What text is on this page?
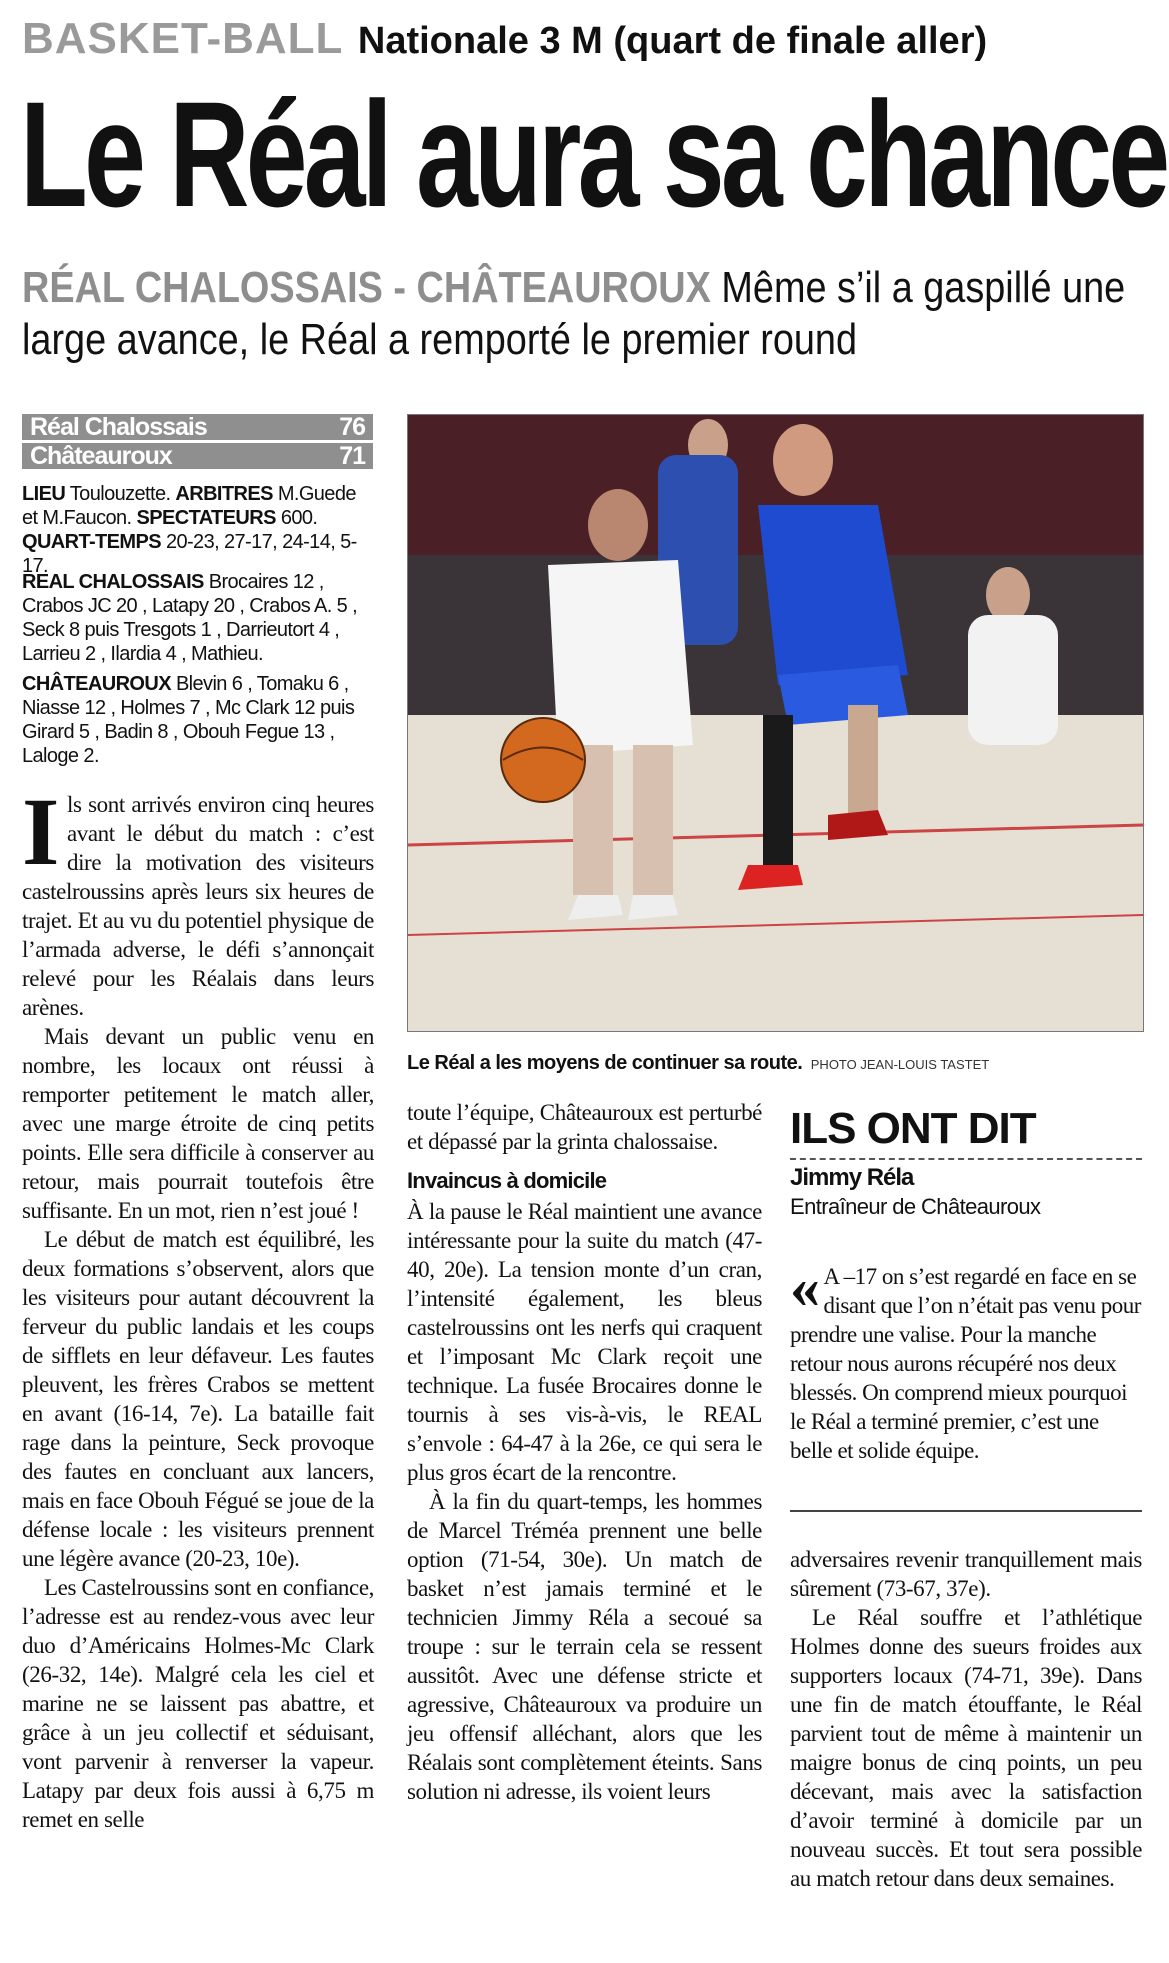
BASKET-BALL Nationale 3 M (quart de finale aller)
Le Réal aura sa chance
RÉAL CHALOSSAIS - CHÂTEAUROUX Même s’il a gaspillé une large avance, le Réal a remporté le premier round
Réal Chalossais	76
Châteauroux	71
LIEU Toulouzette. ARBITRES M.Guede et M.Faucon. SPECTATEURS 600. QUART-TEMPS 20-23, 27-17, 24-14, 5-17.
REAL CHALOSSAIS Brocaires 12 , Crabos JC 20 , Latapy 20 , Crabos A. 5 , Seck 8 puis Tresgots 1 , Darrieutort 4 , Larrieu 2 , Ilardia 4 , Mathieu.
CHÂTEAUROUX Blevin 6 , Tomaku 6 , Niasse 12 , Holmes 7 , Mc Clark 12 puis Girard 5 , Badin 8 , Obouh Fegue 13 , Laloge 2.
Le Réal a les moyens de continuer sa route. PHOTO JEAN-LOUIS TASTET

Ils sont arrivés environ cinq heures avant le début du match : c’est dire la motivation des visiteurs castelroussins après leurs six heures de trajet. Et au vu du potentiel physique de l’armada adverse, le défi s’annonçait relevé pour les Réalais dans leurs arènes.

Mais devant un public venu en nombre, les locaux ont réussi à remporter petitement le match aller, avec une marge étroite de cinq petits points. Elle sera difficile à conserver au retour, mais pourrait toutefois être suffisante. En un mot, rien n’est joué !

Le début de match est équilibré, les deux formations s’observent, alors que les visiteurs pour autant découvrent la ferveur du public landais et les coups de sifflets en leur défaveur. Les fautes pleuvent, les frères Crabos se mettent en avant (16-14, 7e). La bataille fait rage dans la peinture, Seck provoque des fautes en concluant aux lancers, mais en face Obouh Fégué se joue de la défense locale : les visiteurs prennent une légère avance (20-23, 10e).

Les Castelroussins sont en confiance, l’adresse est au rendez-vous avec leur duo d’Américains Holmes-Mc Clark (26-32, 14e). Malgré cela les ciel et marine ne se laissent pas abattre, et grâce à un jeu collectif et séduisant, vont parvenir à renverser la vapeur. Latapy par deux fois aussi à 6,75 m remet en selle

toute l’équipe, Châteauroux est perturbé et dépassé par la grinta chalossaise.

Invaincus à domicile

À la pause le Réal maintient une avance intéressante pour la suite du match (47-40, 20e). La tension monte d’un cran, l’intensité également, les bleus castelroussins ont les nerfs qui craquent et l’imposant Mc Clark reçoit une technique. La fusée Brocaires donne le tournis à ses vis-à-vis, le REAL s’envole : 64-47 à la 26e, ce qui sera le plus gros écart de la rencontre.

À la fin du quart-temps, les hommes de Marcel Tréméa prennent une belle option (71-54, 30e). Un match de basket n’est jamais terminé et le technicien Jimmy Réla a secoué sa troupe : sur le terrain cela se ressent aussitôt. Avec une défense stricte et agressive, Châteauroux va produire un jeu offensif alléchant, alors que les Réalais sont complètement éteints. Sans solution ni adresse, ils voient leurs

ILS ONT DIT
Jimmy Réla
Entraîneur de Châteauroux
« A –17 on s’est regardé en face en se disant que l’on n’était pas venu pour prendre une valise. Pour la manche retour nous aurons récupéré nos deux blessés. On comprend mieux pourquoi le Réal a terminé premier, c’est une belle et solide équipe.

adversaires revenir tranquillement mais sûrement (73-67, 37e).

Le Réal souffre et l’athlétique Holmes donne des sueurs froides aux supporters locaux (74-71, 39e). Dans une fin de match étouffante, le Réal parvient tout de même à maintenir un maigre bonus de cinq points, un peu décevant, mais avec la satisfaction d’avoir terminé à domicile par un nouveau succès. Et tout sera possible au match retour dans deux semaines.
